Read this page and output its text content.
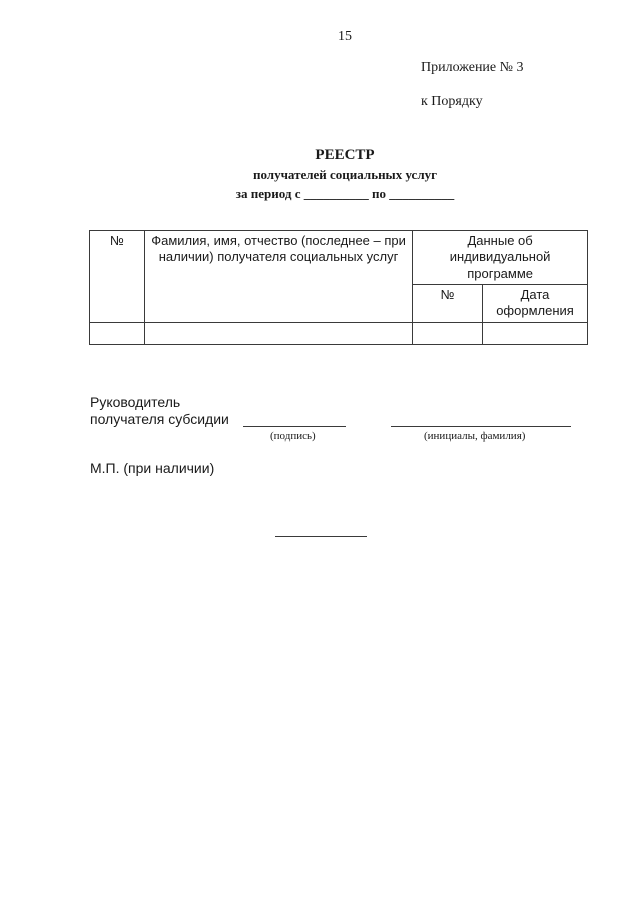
15
Приложение № 3
к Порядку
РЕЕСТР
получателей социальных услуг
за период с __________ по __________
№	Фамилия, имя, отчество (последнее – при наличии) получателя социальных услуг	Данные об индивидуальной программе	
		№	Дата оформления

Руководитель
получателя субсидии
(подпись)	(инициалы, фамилия)
М.П. (при наличии)
